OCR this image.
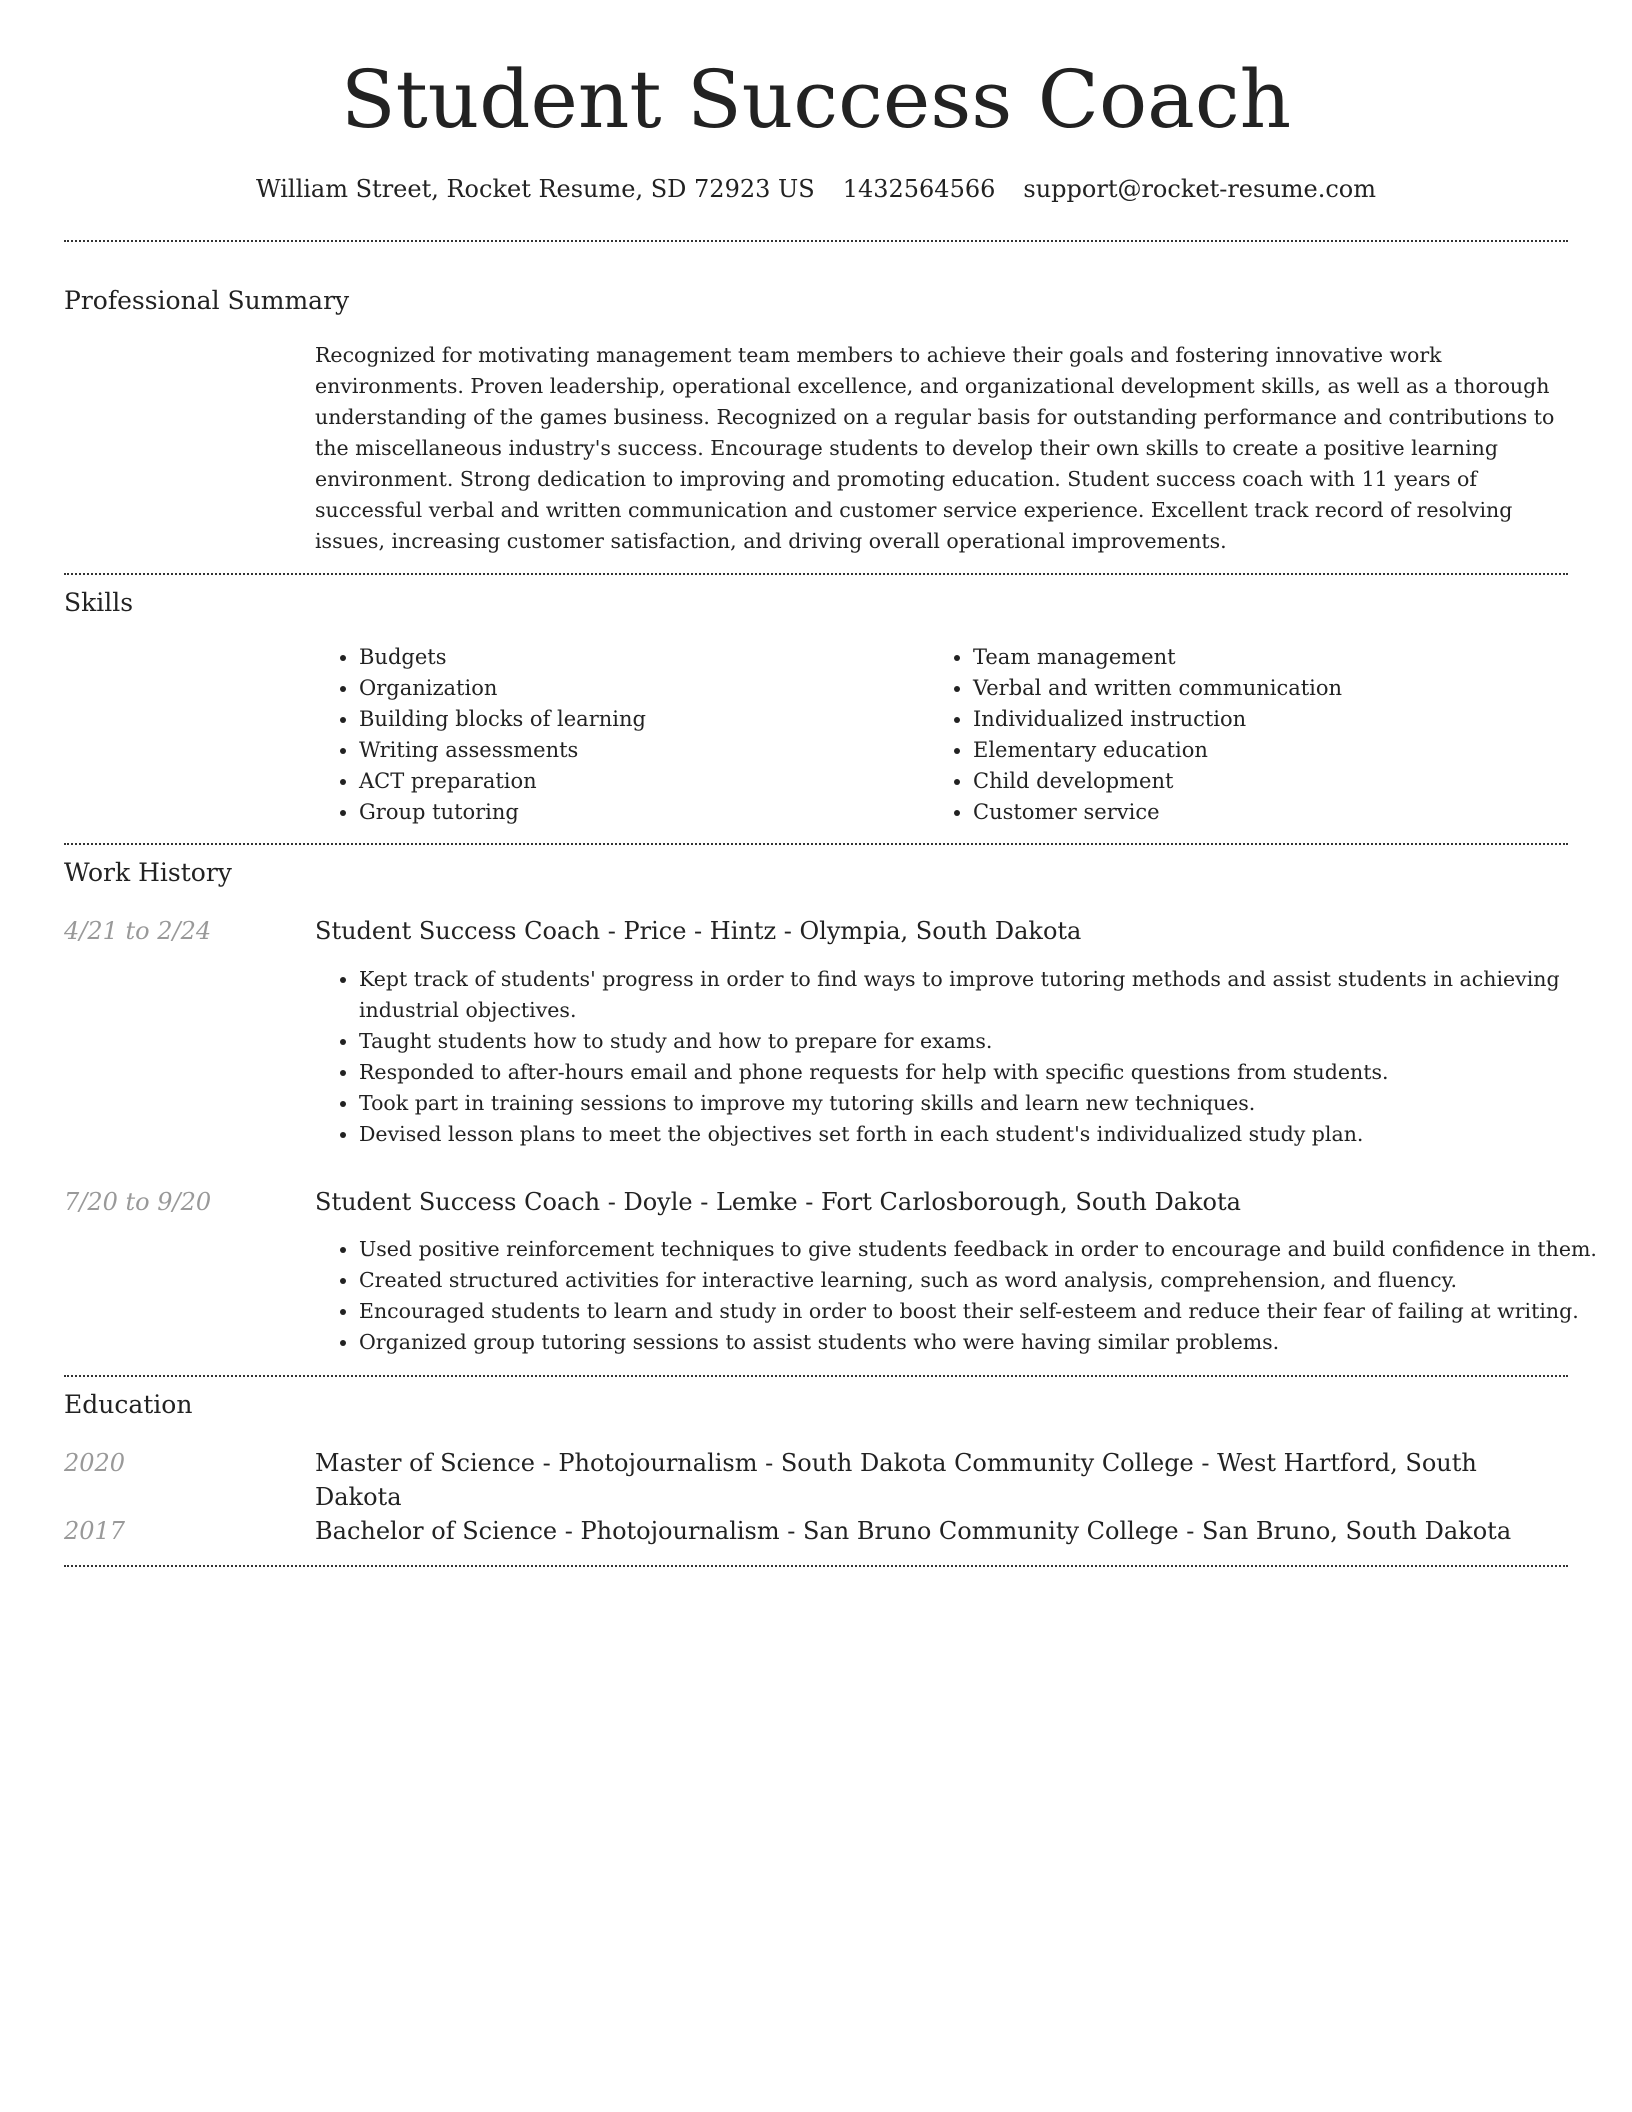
Student Success Coach
William Street, Rocket Resume, SD 72923 US 1432564566 support@rocket-resume.com
Professional Summary
Recognized for motivating management team members to achieve their goals and fostering innovative work environments. Proven leadership, operational excellence, and organizational development skills, as well as a thorough understanding of the games business. Recognized on a regular basis for outstanding performance and contributions to the miscellaneous industry's success. Encourage students to develop their own skills to create a positive learning environment. Strong dedication to improving and promoting education. Student success coach with 11 years of successful verbal and written communication and customer service experience. Excellent track record of resolving issues, increasing customer satisfaction, and driving overall operational improvements.
Skills
• Budgets
• Organization
• Building blocks of learning
• Writing assessments
• ACT preparation
• Group tutoring
• Team management
• Verbal and written communication
• Individualized instruction
• Elementary education
• Child development
• Customer service
Work History
4/21 to 2/24	Student Success Coach - Price - Hintz - Olympia, South Dakota
• Kept track of students' progress in order to find ways to improve tutoring methods and assist students in achieving industrial objectives.
• Taught students how to study and how to prepare for exams.
• Responded to after-hours email and phone requests for help with specific questions from students.
• Took part in training sessions to improve my tutoring skills and learn new techniques.
• Devised lesson plans to meet the objectives set forth in each student's individualized study plan.
7/20 to 9/20	Student Success Coach - Doyle - Lemke - Fort Carlosborough, South Dakota
• Used positive reinforcement techniques to give students feedback in order to encourage and build confidence in them.
• Created structured activities for interactive learning, such as word analysis, comprehension, and fluency.
• Encouraged students to learn and study in order to boost their self-esteem and reduce their fear of failing at writing.
• Organized group tutoring sessions to assist students who were having similar problems.
Education
2020	Master of Science - Photojournalism - South Dakota Community College - West Hartford, South Dakota
2017	Bachelor of Science - Photojournalism - San Bruno Community College - San Bruno, South Dakota
